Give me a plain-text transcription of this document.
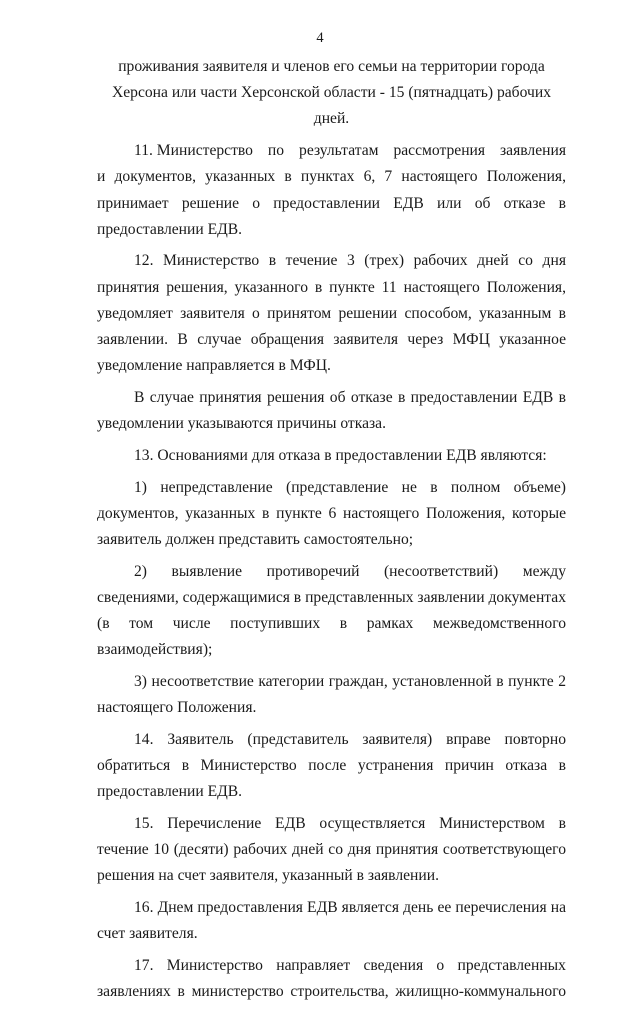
4

проживания заявителя и членов его семьи на территории города Херсона или части Херсонской области - 15 (пятнадцать) рабочих дней.

11. Министерство по результатам рассмотрения заявления

и документов, указанных в пунктах 6, 7 настоящего Положения, принимает решение о предоставлении ЕДВ или об отказе в предоставлении ЕДВ.

12. Министерство в течение 3 (трех) рабочих дней со дня принятия решения, указанного в пункте 11 настоящего Положения, уведомляет заявителя о принятом решении способом, указанным в заявлении. В случае обращения заявителя через МФЦ указанное уведомление направляется в МФЦ.

В случае принятия решения об отказе в предоставлении ЕДВ в уведомлении указываются причины отказа.

13. Основаниями для отказа в предоставлении ЕДВ являются:

1) непредставление (представление не в полном объеме) документов, указанных в пункте 6 настоящего Положения, которые заявитель должен представить самостоятельно;

2) выявление противоречий (несоответствий) между сведениями, содержащимися в представленных заявлении документах (в том числе поступивших в рамках межведомственного взаимодействия);

3) несоответствие категории граждан, установленной в пункте 2 настоящего Положения.

14. Заявитель (представитель заявителя) вправе повторно обратиться в Министерство после устранения причин отказа в предоставлении ЕДВ.

15. Перечисление ЕДВ осуществляется Министерством в течение 10 (десяти) рабочих дней со дня принятия соответствующего решения на счет заявителя, указанный в заявлении.

16. Днем предоставления ЕДВ является день ее перечисления на счет заявителя.

17. Министерство направляет сведения о представленных
заявлениях в министерство строительства, жилищно-коммунального
